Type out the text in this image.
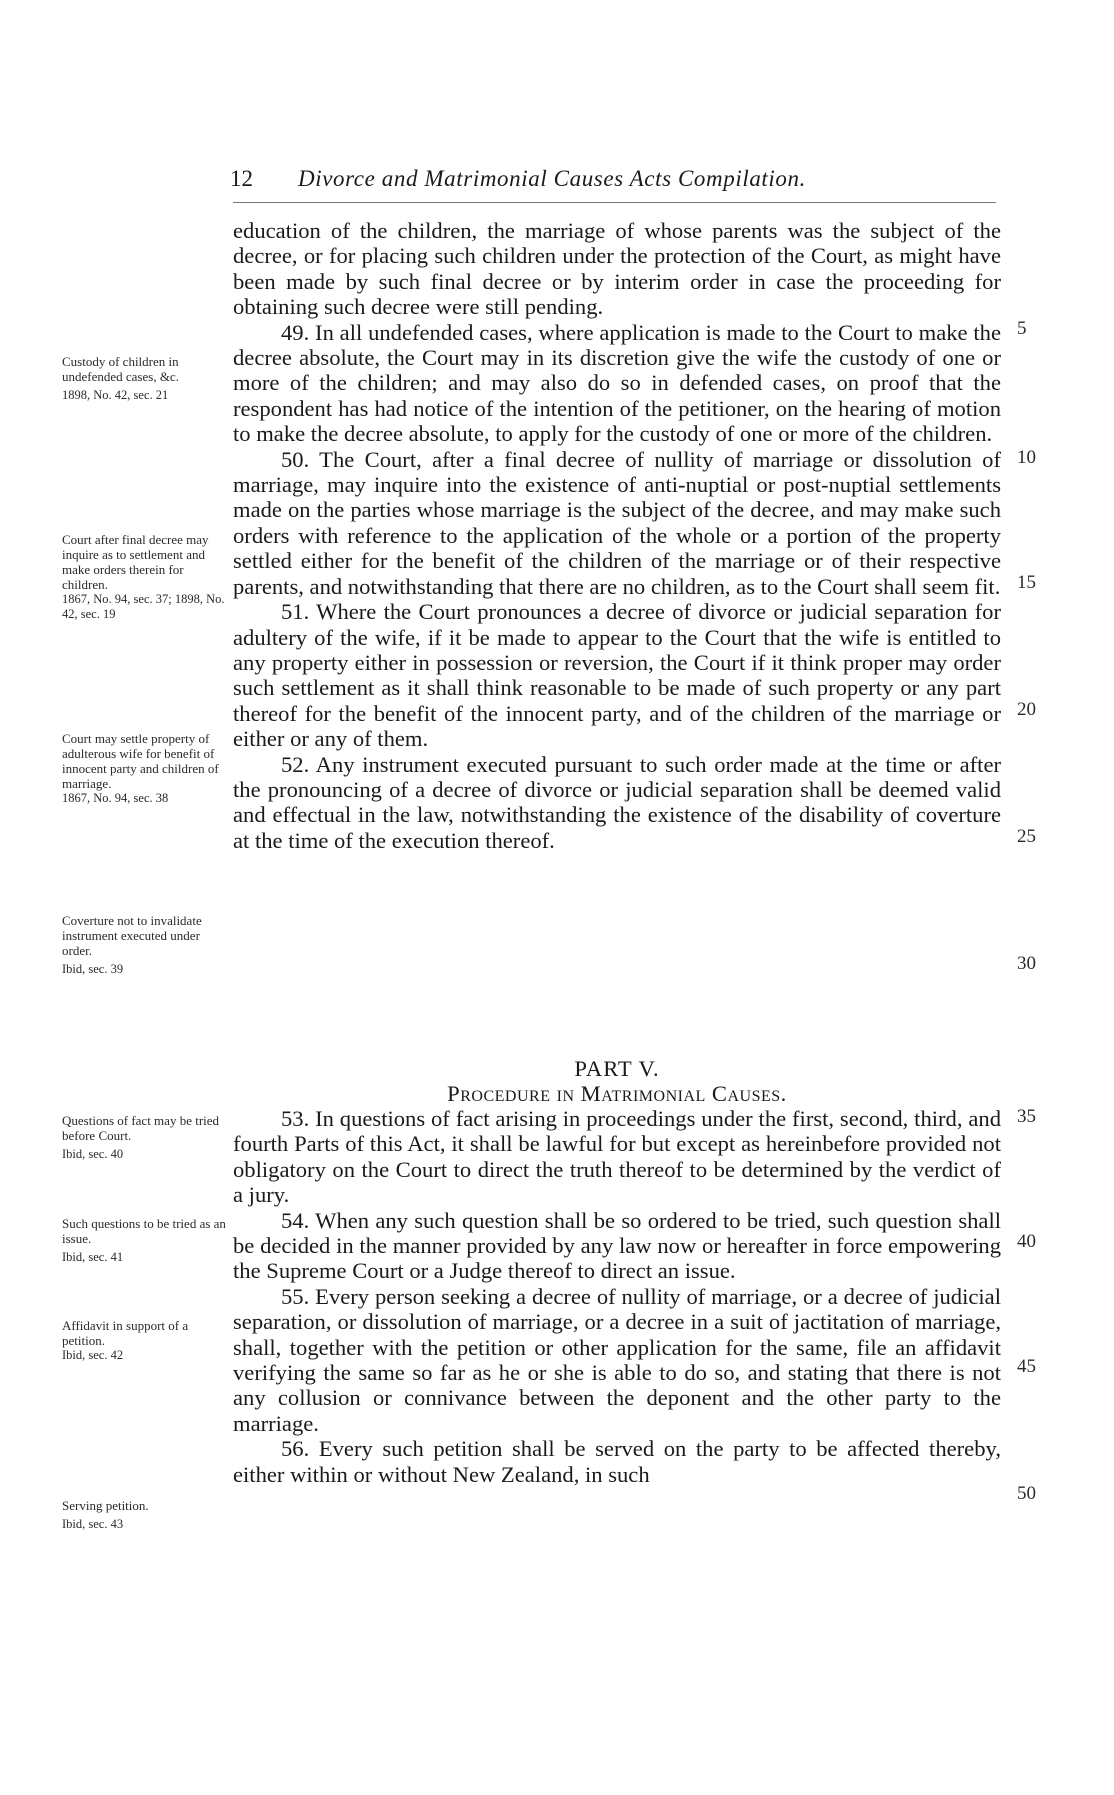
12 Divorce and Matrimonial Causes Acts Compilation.

education of the children, the marriage of whose parents was the subject of the decree, or for placing such children under the protection of the Court, as might have been made by such final decree or by interim order in case the proceeding for obtaining such decree were still pending.

49. In all undefended cases, where application is made to the Court to make the decree absolute, the Court may in its discretion give the wife the custody of one or more of the children; and may also do so in defended cases, on proof that the respondent has had notice of the intention of the petitioner, on the hearing of motion to make the decree absolute, to apply for the custody of one or more of the children.

50. The Court, after a final decree of nullity of marriage or dissolution of marriage, may inquire into the existence of anti-nuptial or post-nuptial settlements made on the parties whose marriage is the subject of the decree, and may make such orders with reference to the application of the whole or a portion of the property settled either for the benefit of the children of the marriage or of their respective parents, and notwithstanding that there are no children, as to the Court shall seem fit.

51. Where the Court pronounces a decree of divorce or judicial separation for adultery of the wife, if it be made to appear to the Court that the wife is entitled to any property either in possession or reversion, the Court if it think proper may order such settlement as it shall think reasonable to be made of such property or any part thereof for the benefit of the innocent party, and of the children of the marriage or either or any of them.

52. Any instrument executed pursuant to such order made at the time or after the pronouncing of a decree of divorce or judicial separation shall be deemed valid and effectual in the law, notwithstanding the existence of the disability of coverture at the time of the execution thereof.

PART V.
Procedure in Matrimonial Causes.

53. In questions of fact arising in proceedings under the first, second, third, and fourth Parts of this Act, it shall be lawful for but except as hereinbefore provided not obligatory on the Court to direct the truth thereof to be determined by the verdict of a jury.

54. When any such question shall be so ordered to be tried, such question shall be decided in the manner provided by any law now or hereafter in force empowering the Supreme Court or a Judge thereof to direct an issue.

55. Every person seeking a decree of nullity of marriage, or a decree of judicial separation, or dissolution of marriage, or a decree in a suit of jactitation of marriage, shall, together with the petition or other application for the same, file an affidavit verifying the same so far as he or she is able to do so, and stating that there is not any collusion or connivance between the deponent and the other party to the marriage.

56. Every such petition shall be served on the party to be affected thereby, either within or without New Zealand, in such

Custody of children in undefended cases, &c.
1898, No. 42, sec. 21
Court after final decree may inquire as to settlement and make orders therein for children.
1867, No. 94, sec. 37; 1898, No. 42, sec. 19
Court may settle property of adulterous wife for benefit of innocent party and children of marriage.
1867, No. 94, sec. 38
Coverture not to invalidate instrument executed under order.
Ibid, sec. 39
Questions of fact may be tried before Court.
Ibid, sec. 40
Such questions to be tried as an issue.
Ibid, sec. 41
Affidavit in support of a petition.
Ibid, sec. 42
Serving petition.
Ibid, sec. 43
5
10
15
20
25
30
35
40
45
50
